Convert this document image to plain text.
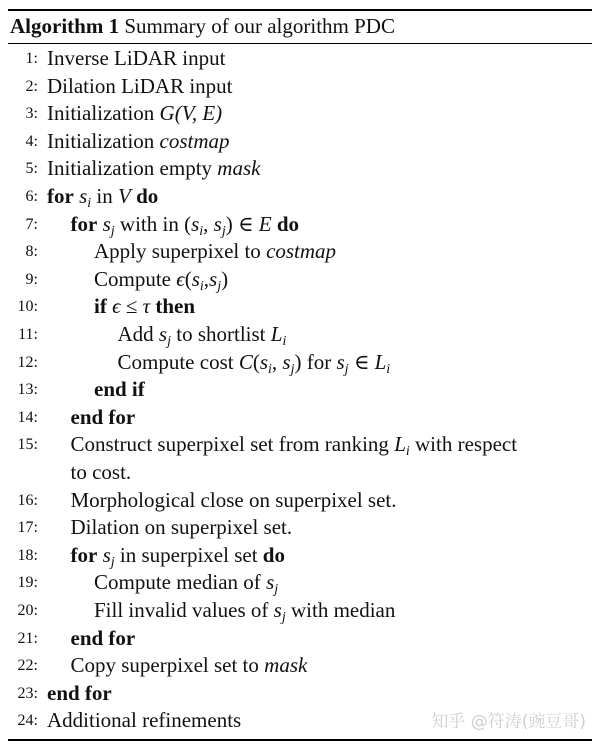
Algorithm 1 Summary of our algorithm PDC
1: Inverse LiDAR input
2: Dilation LiDAR input
3: Initialization G(V, E)
4: Initialization costmap
5: Initialization empty mask
6: for $s_i$ in V do
7: for $s_j$ with in ($s_i$, $s_j$) ∈ E do
8:	Apply superpixel to costmap
9:	Compute $\epsilon(s_i,s_j)$
10:	if ϵ ≤ τ then
11:	Add $s_j$ to shortlist $L_i$
12:	Compute cost $C(s_i$, $s_j$) for $s_j$ ∈ $L_i$
13:	end if
14: end for
15: Construct superpixel set from ranking $L_i$ with respect
to cost.
16: Morphological close on superpixel set.
17: Dilation on superpixel set.
18: for $s_j$ in superpixel set do
19:	Compute median of $s_j$
20:	Fill invalid values of $s_j$ with median
21: end for
22: Copy superpixel set to mask
23: end for
24: Additional refinements	知乎 @符涛(豌豆哥)
